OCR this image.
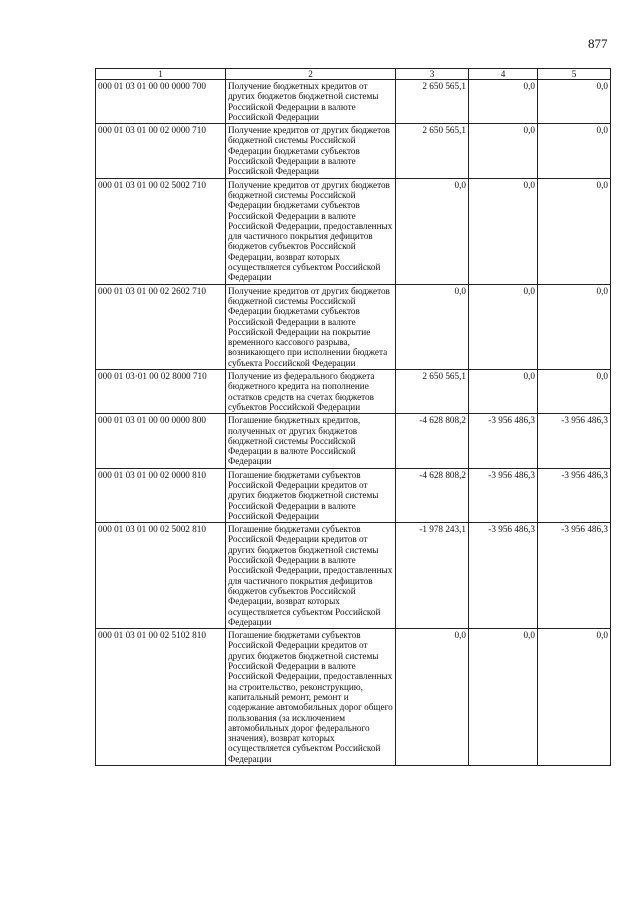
877
1	2	3	4	5
000 01 03 01 00 00 0000 700	Получение бюджетных кредитов от других бюджетов бюджетной системы Российской Федерации в валюте Российской Федерации	2 650 565,1	0,0	0,0
000 01 03 01 00 02 0000 710	Получение кредитов от других бюджетов бюджетной системы Российской Федерации бюджетами субъектов Российской Федерации в валюте Российской Федерации	2 650 565,1	0,0	0,0
000 01 03 01 00 02 5002 710	Получение кредитов от других бюджетов бюджетной системы Российской Федерации бюджетами субъектов Российской Федерации в валюте Российской Федерации, предоставленных для частичного покрытия дефицитов бюджетов субъектов Российской Федерации, возврат которых осуществляется субъектом Российской Федерации	0,0	0,0	0,0
000 01 03 01 00 02 2602 710	Получение кредитов от других бюджетов бюджетной системы Российской Федерации бюджетами субъектов Российской Федерации в валюте Российской Федерации на покрытие временного кассового разрыва, возникающего при исполнении бюджета субъекта Российской Федерации	0,0	0,0	0,0
000 01 03·01 00 02 8000 710	Получение из федерального бюджета бюджетного кредита на пополнение остатков средств на счетах бюджетов субъектов Российской Федерации	2 650 565,1	0,0	0,0
000 01 03 01 00 00 0000 800	Погашение бюджетных кредитов, полученных от других бюджетов бюджетной системы Российской Федерации в валюте Российской Федерации	-4 628 808,2	-3 956 486,3	-3 956 486,3
000 01 03 01 00 02 0000 810	Погашение бюджетами субъектов Российской Федерации кредитов от других бюджетов бюджетной системы Российской Федерации в валюте Российской Федерации	-4 628 808,2	-3 956 486,3	-3 956 486,3
000 01 03 01 00 02 5002 810	Погашение бюджетами субъектов Российской Федерации кредитов от других бюджетов бюджетной системы Российской Федерации в валюте Российской Федерации, предоставленных для частичного покрытия дефицитов бюджетов субъектов Российской Федерации, возврат которых осуществляется субъектом Российской Федерации	-1 978 243,1	-3 956 486,3	-3 956 486,3
000 01 03 01 00 02 5102 810	Погашение бюджетами субъектов Российской Федерации кредитов от других бюджетов бюджетной системы Российской Федерации в валюте Российской Федерации, предоставленных на строительство, реконструкцию, капитальный ремонт, ремонт и содержание автомобильных дорог общего пользования (за исключением автомобильных дорог федерального значения), возврат которых осуществляется субъектом Российской Федерации	0,0	0,0	0,0
